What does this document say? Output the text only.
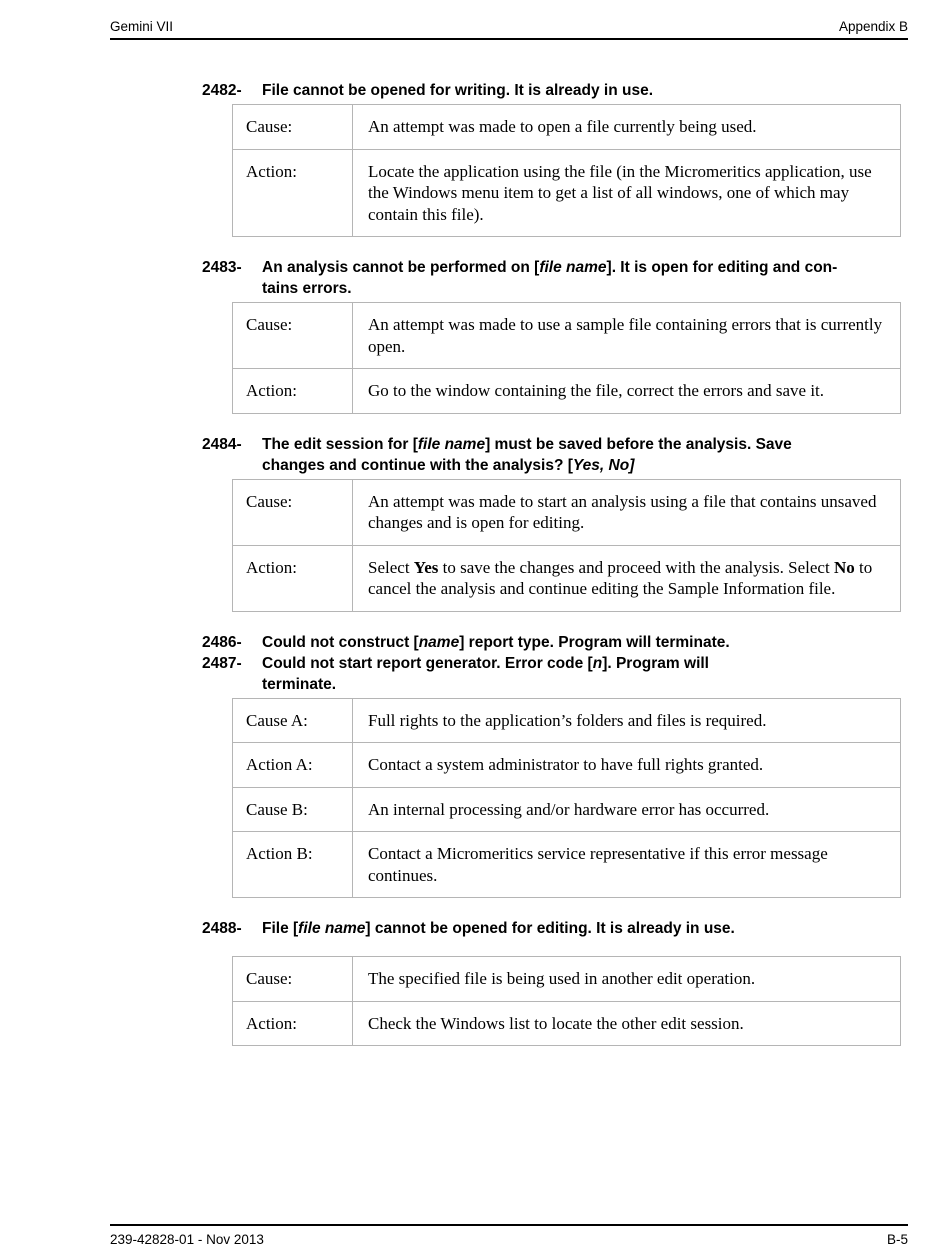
Gemini VII	Appendix B
2482-	File cannot be opened for writing. It is already in use.
Cause:	An attempt was made to open a file currently being used.
Action:	Locate the application using the file (in the Micromeritics application, use the Windows menu item to get a list of all windows, one of which may contain this file).
2483-	An analysis cannot be performed on [file name]. It is open for editing and con-
tains errors.
Cause:	An attempt was made to use a sample file containing errors that is currently open.
Action:	Go to the window containing the file, correct the errors and save it.
2484-	The edit session for [file name] must be saved before the analysis. Save
changes and continue with the analysis? [Yes, No]
Cause:	An attempt was made to start an analysis using a file that contains unsaved changes and is open for editing.
Action:	Select Yes to save the changes and proceed with the analysis. Select No to cancel the analysis and continue editing the Sample Information file.
2486-	Could not construct [name] report type. Program will terminate.
2487-	Could not start report generator. Error code [n]. Program will
terminate.
Cause A:	Full rights to the application’s folders and files is required.
Action A:	Contact a system administrator to have full rights granted.
Cause B:	An internal processing and/or hardware error has occurred.
Action B:	Contact a Micromeritics service representative if this error message continues.
2488-	File [file name] cannot be opened for editing. It is already in use.
Cause:	The specified file is being used in another edit operation.
Action:	Check the Windows list to locate the other edit session.
239-42828-01 - Nov 2013	B-5
